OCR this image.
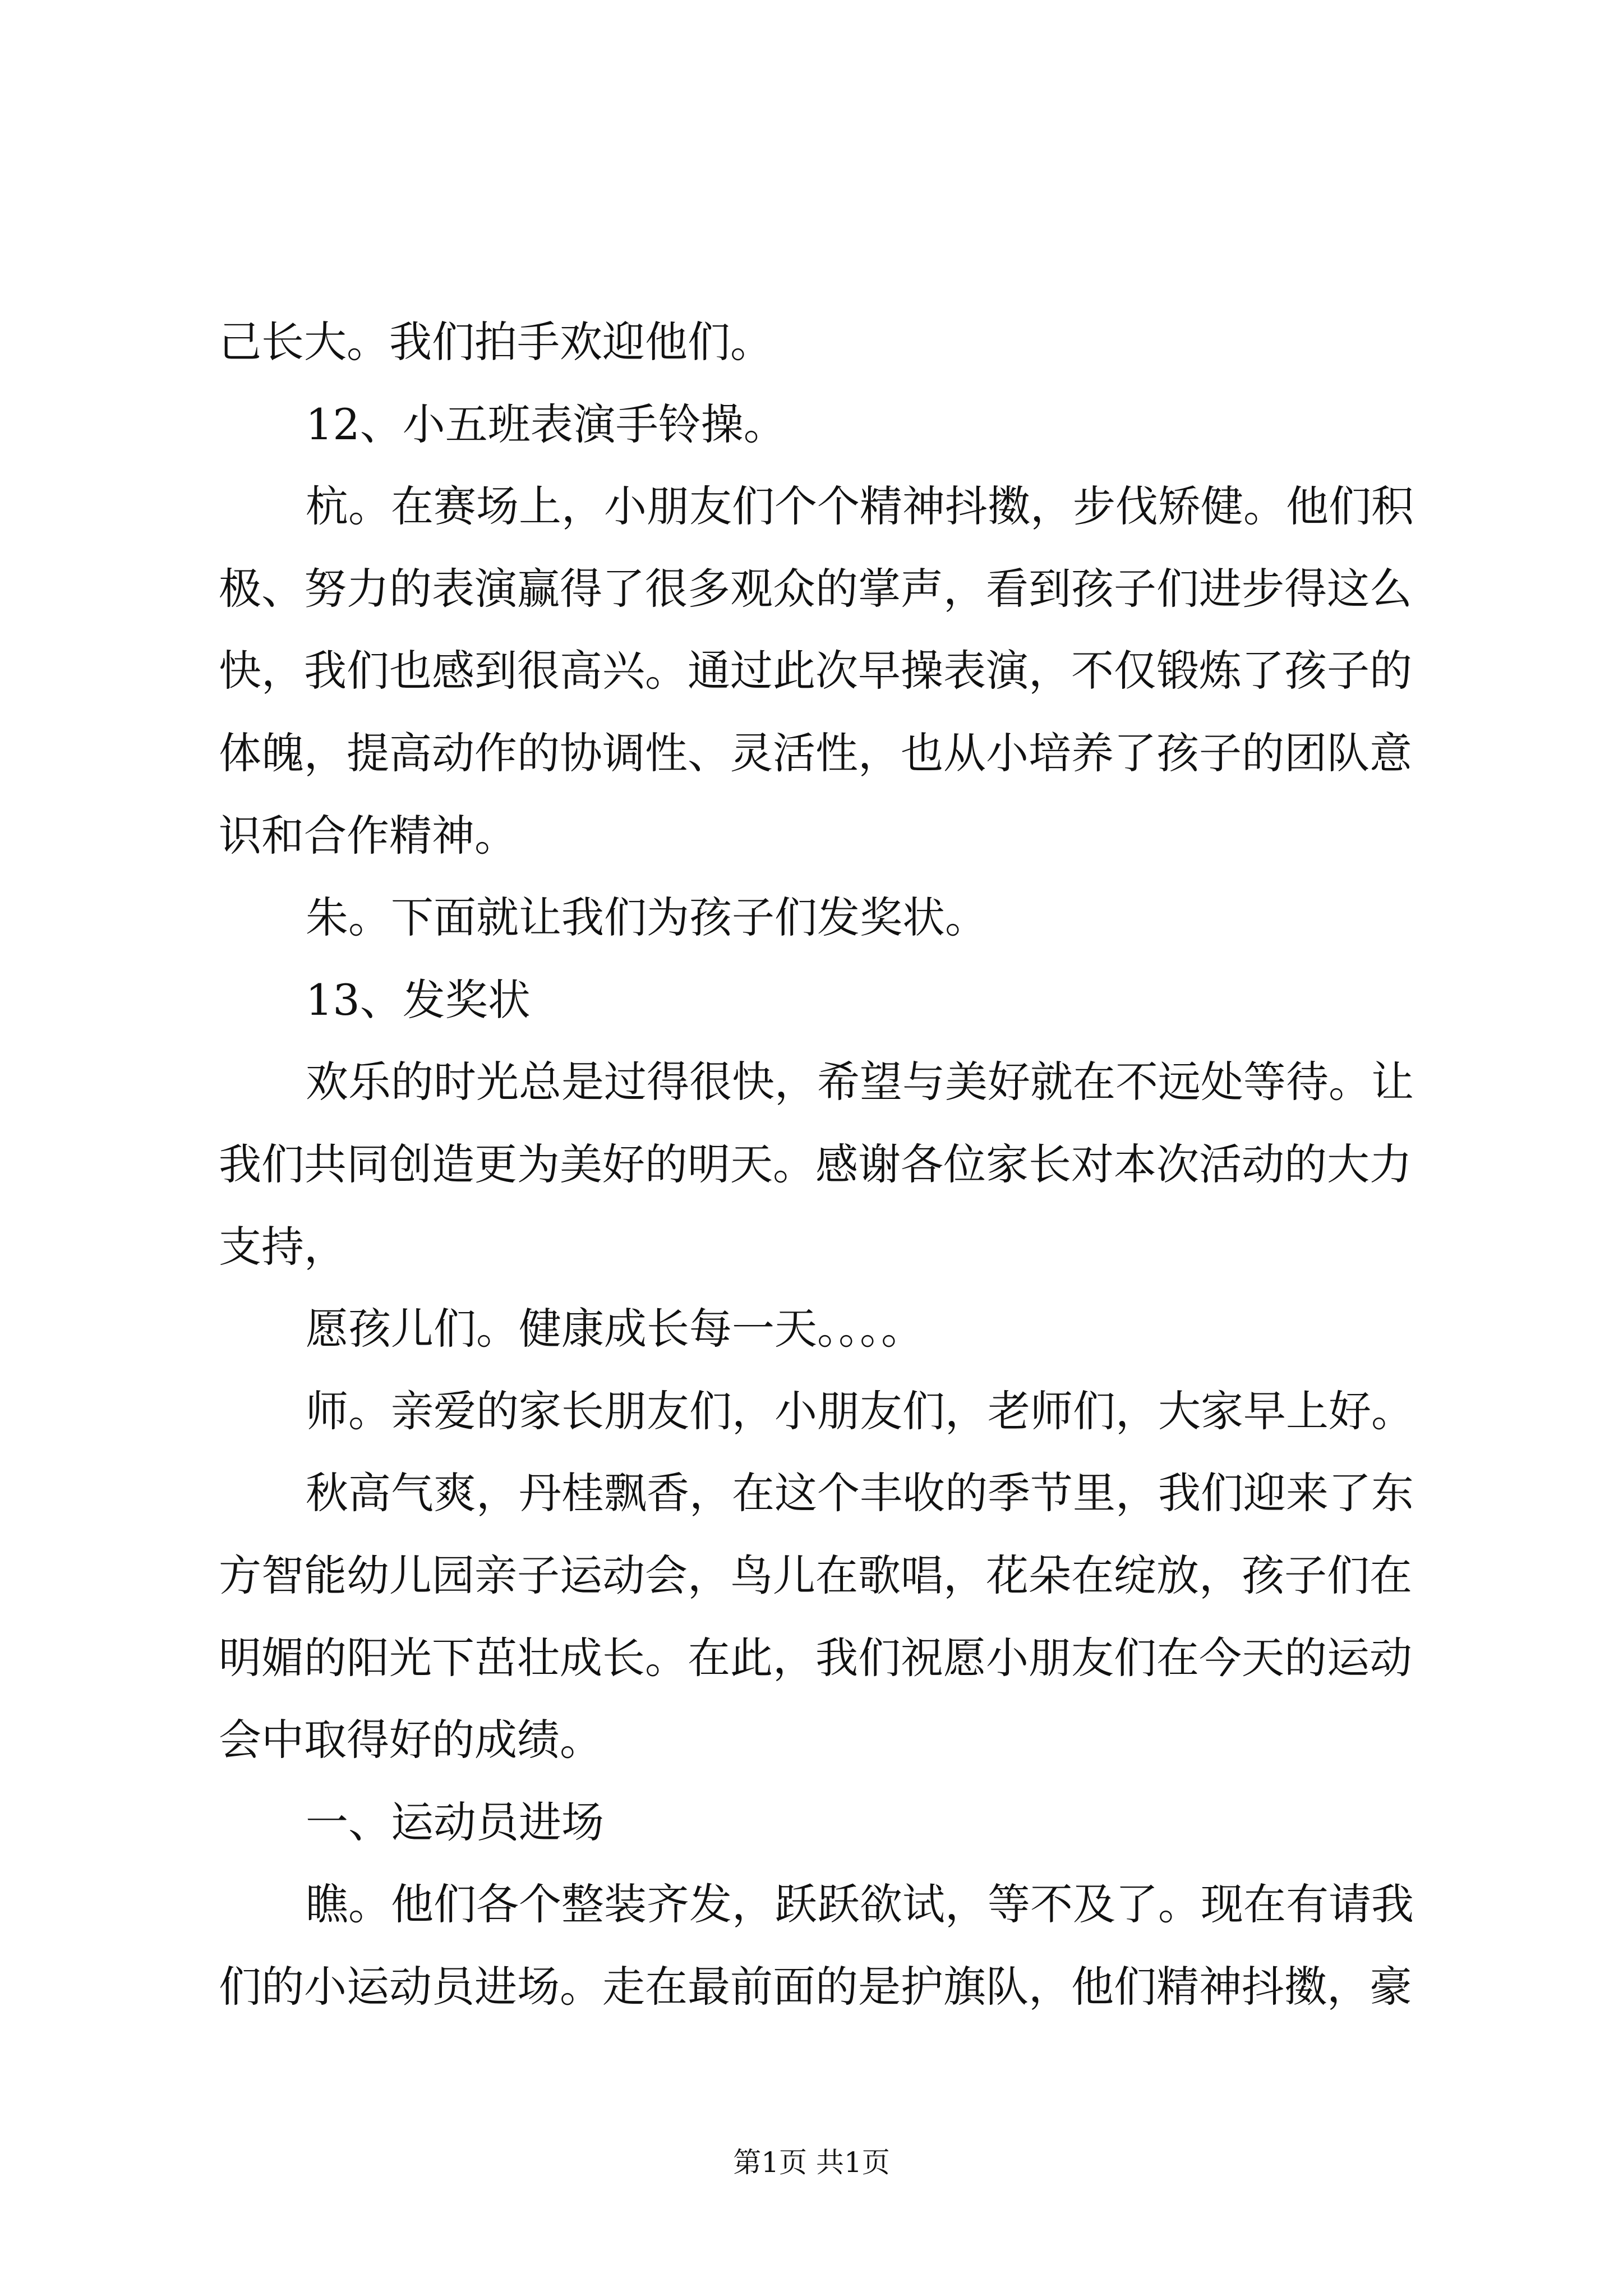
己长大。我们拍手欢迎他们。
12、小五班表演手铃操。
杭。在赛场上，小朋友们个个精神抖擞，步伐矫健。他们积
极、努力的表演赢得了很多观众的掌声，看到孩子们进步得这么
快，我们也感到很高兴。通过此次早操表演，不仅锻炼了孩子的
体魄，提高动作的协调性、灵活性，也从小培养了孩子的团队意
识和合作精神。
朱。下面就让我们为孩子们发奖状。
13、发奖状
欢乐的时光总是过得很快，希望与美好就在不远处等待。让
我们共同创造更为美好的明天。感谢各位家长对本次活动的大力
支持，
愿孩儿们。健康成长每一天。。。。
师。亲爱的家长朋友们，小朋友们，老师们，大家早上好。
秋高气爽，丹桂飘香，在这个丰收的季节里，我们迎来了东
方智能幼儿园亲子运动会，鸟儿在歌唱，花朵在绽放，孩子们在
明媚的阳光下茁壮成长。在此，我们祝愿小朋友们在今天的运动
会中取得好的成绩。
一、运动员进场
瞧。他们各个整装齐发，跃跃欲试，等不及了。现在有请我
们的小运动员进场。走在最前面的是护旗队，他们精神抖擞，豪
第1页 共1页
